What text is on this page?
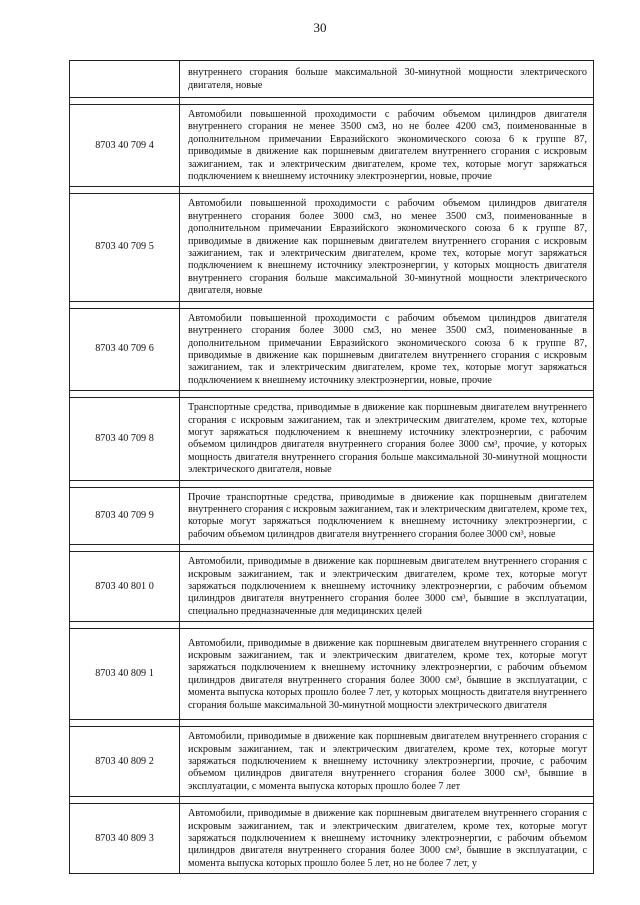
30

	внутреннего сгорания больше максимальной 30-минутной мощности электрического двигателя, новые

8703 40 709 4	Автомобили повышенной проходимости с рабочим объемом цилиндров двигателя внутреннего сгорания не менее 3500 см3, но не более 4200 см3, поименованные в дополнительном примечании Евразийского экономического союза 6 к группе 87, приводимые в движение как поршневым двигателем внутреннего сгорания с искровым зажиганием, так и электрическим двигателем, кроме тех, которые могут заряжаться подключением к внешнему источнику электроэнергии, новые, прочие

8703 40 709 5	Автомобили повышенной проходимости с рабочим объемом цилиндров двигателя внутреннего сгорания более 3000 см3, но менее 3500 см3, поименованные в дополнительном примечании Евразийского экономического союза 6 к группе 87, приводимые в движение как поршневым двигателем внутреннего сгорания с искровым зажиганием, так и электрическим двигателем, кроме тех, которые могут заряжаться подключением к внешнему источнику электроэнергии, у которых мощность двигателя внутреннего сгорания больше максимальной 30-минутной мощности электрического двигателя, новые

8703 40 709 6	Автомобили повышенной проходимости с рабочим объемом цилиндров двигателя внутреннего сгорания более 3000 см3, но менее 3500 см3, поименованные в дополнительном примечании Евразийского экономического союза 6 к группе 87, приводимые в движение как поршневым двигателем внутреннего сгорания с искровым зажиганием, так и электрическим двигателем, кроме тех, которые могут заряжаться подключением к внешнему источнику электроэнергии, новые, прочие

8703 40 709 8	Транспортные средства, приводимые в движение как поршневым двигателем внутреннего сгорания с искровым зажиганием, так и электрическим двигателем, кроме тех, которые могут заряжаться подключением к внешнему источнику электроэнергии, с рабочим объемом цилиндров двигателя внутреннего сгорания более 3000 см³, прочие, у которых мощность двигателя внутреннего сгорания больше максимальной 30-минутной мощности электрического двигателя, новые

8703 40 709 9	Прочие транспортные средства, приводимые в движение как поршневым двигателем внутреннего сгорания с искровым зажиганием, так и электрическим двигателем, кроме тех, которые могут заряжаться подключением к внешнему источнику электроэнергии, с рабочим объемом цилиндров двигателя внутреннего сгорания более 3000 см³, новые

8703 40 801 0	Автомобили, приводимые в движение как поршневым двигателем внутреннего сгорания с искровым зажиганием, так и электрическим двигателем, кроме тех, которые могут заряжаться подключением к внешнему источнику электроэнергии, с рабочим объемом цилиндров двигателя внутреннего сгорания более 3000 см³, бывшие в эксплуатации, специально предназначенные для медицинских целей

8703 40 809 1	Автомобили, приводимые в движение как поршневым двигателем внутреннего сгорания с искровым зажиганием, так и электрическим двигателем, кроме тех, которые могут заряжаться подключением к внешнему источнику электроэнергии, с рабочим объемом цилиндров двигателя внутреннего сгорания более 3000 см³, бывшие в эксплуатации, с момента выпуска которых прошло более 7 лет, у которых мощность двигателя внутреннего сгорания больше максимальной 30-минутной мощности электрического двигателя

8703 40 809 2	Автомобили, приводимые в движение как поршневым двигателем внутреннего сгорания с искровым зажиганием, так и электрическим двигателем, кроме тех, которые могут заряжаться подключением к внешнему источнику электроэнергии, прочие, с рабочим объемом цилиндров двигателя внутреннего сгорания более 3000 см³, бывшие в эксплуатации, с момента выпуска которых прошло более 7 лет

8703 40 809 3	Автомобили, приводимые в движение как поршневым двигателем внутреннего сгорания с искровым зажиганием, так и электрическим двигателем, кроме тех, которые могут заряжаться подключением к внешнему источнику электроэнергии, с рабочим объемом цилиндров двигателя внутреннего сгорания более 3000 см³, бывшие в эксплуатации, с момента выпуска которых прошло более 5 лет, но не более 7 лет, у
